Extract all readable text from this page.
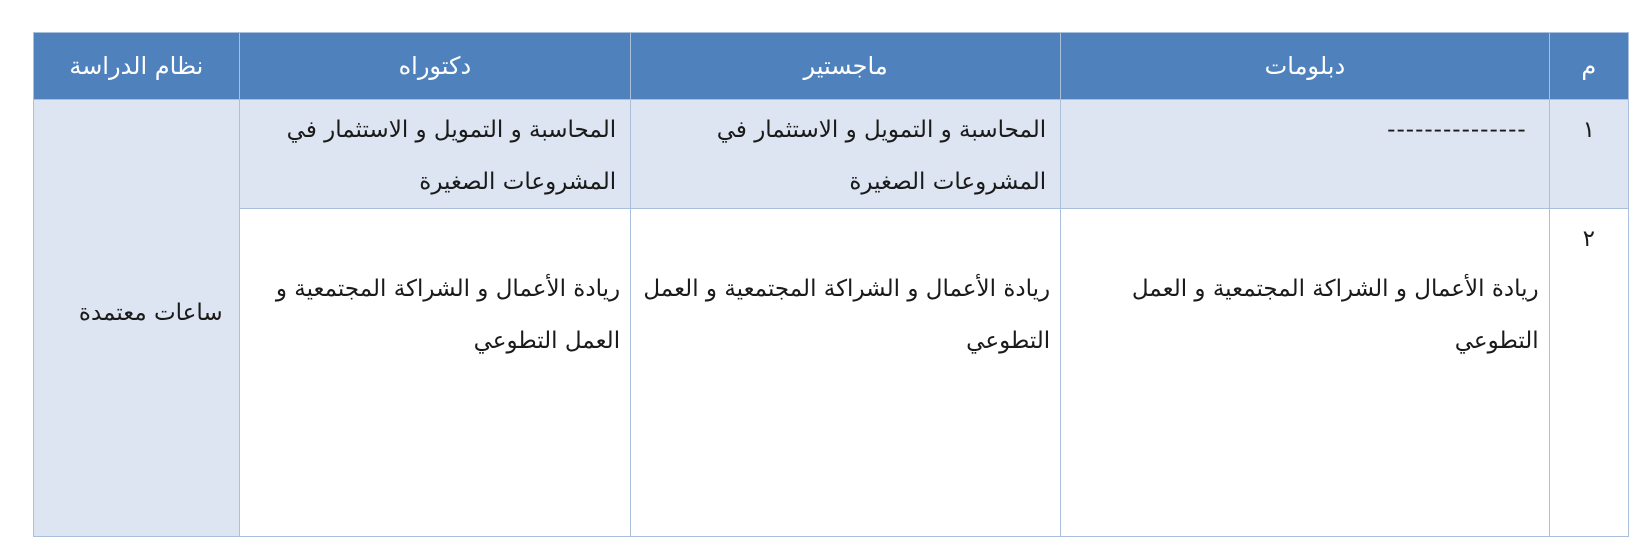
م	دبلومات	ماجستير	دكتوراه	نظام الدراسة

١	---------------	المحاسبة و التمويل و الاستثمار في المشروعات الصغيرة	المحاسبة و التمويل و الاستثمار في المشروعات الصغيرة	ساعات معتمدة

٢	ريادة الأعمال و الشراكة المجتمعية و العمل التطوعي	ريادة الأعمال و الشراكة المجتمعية و العمل التطوعي	ريادة الأعمال و الشراكة المجتمعية و العمل التطوعي	
